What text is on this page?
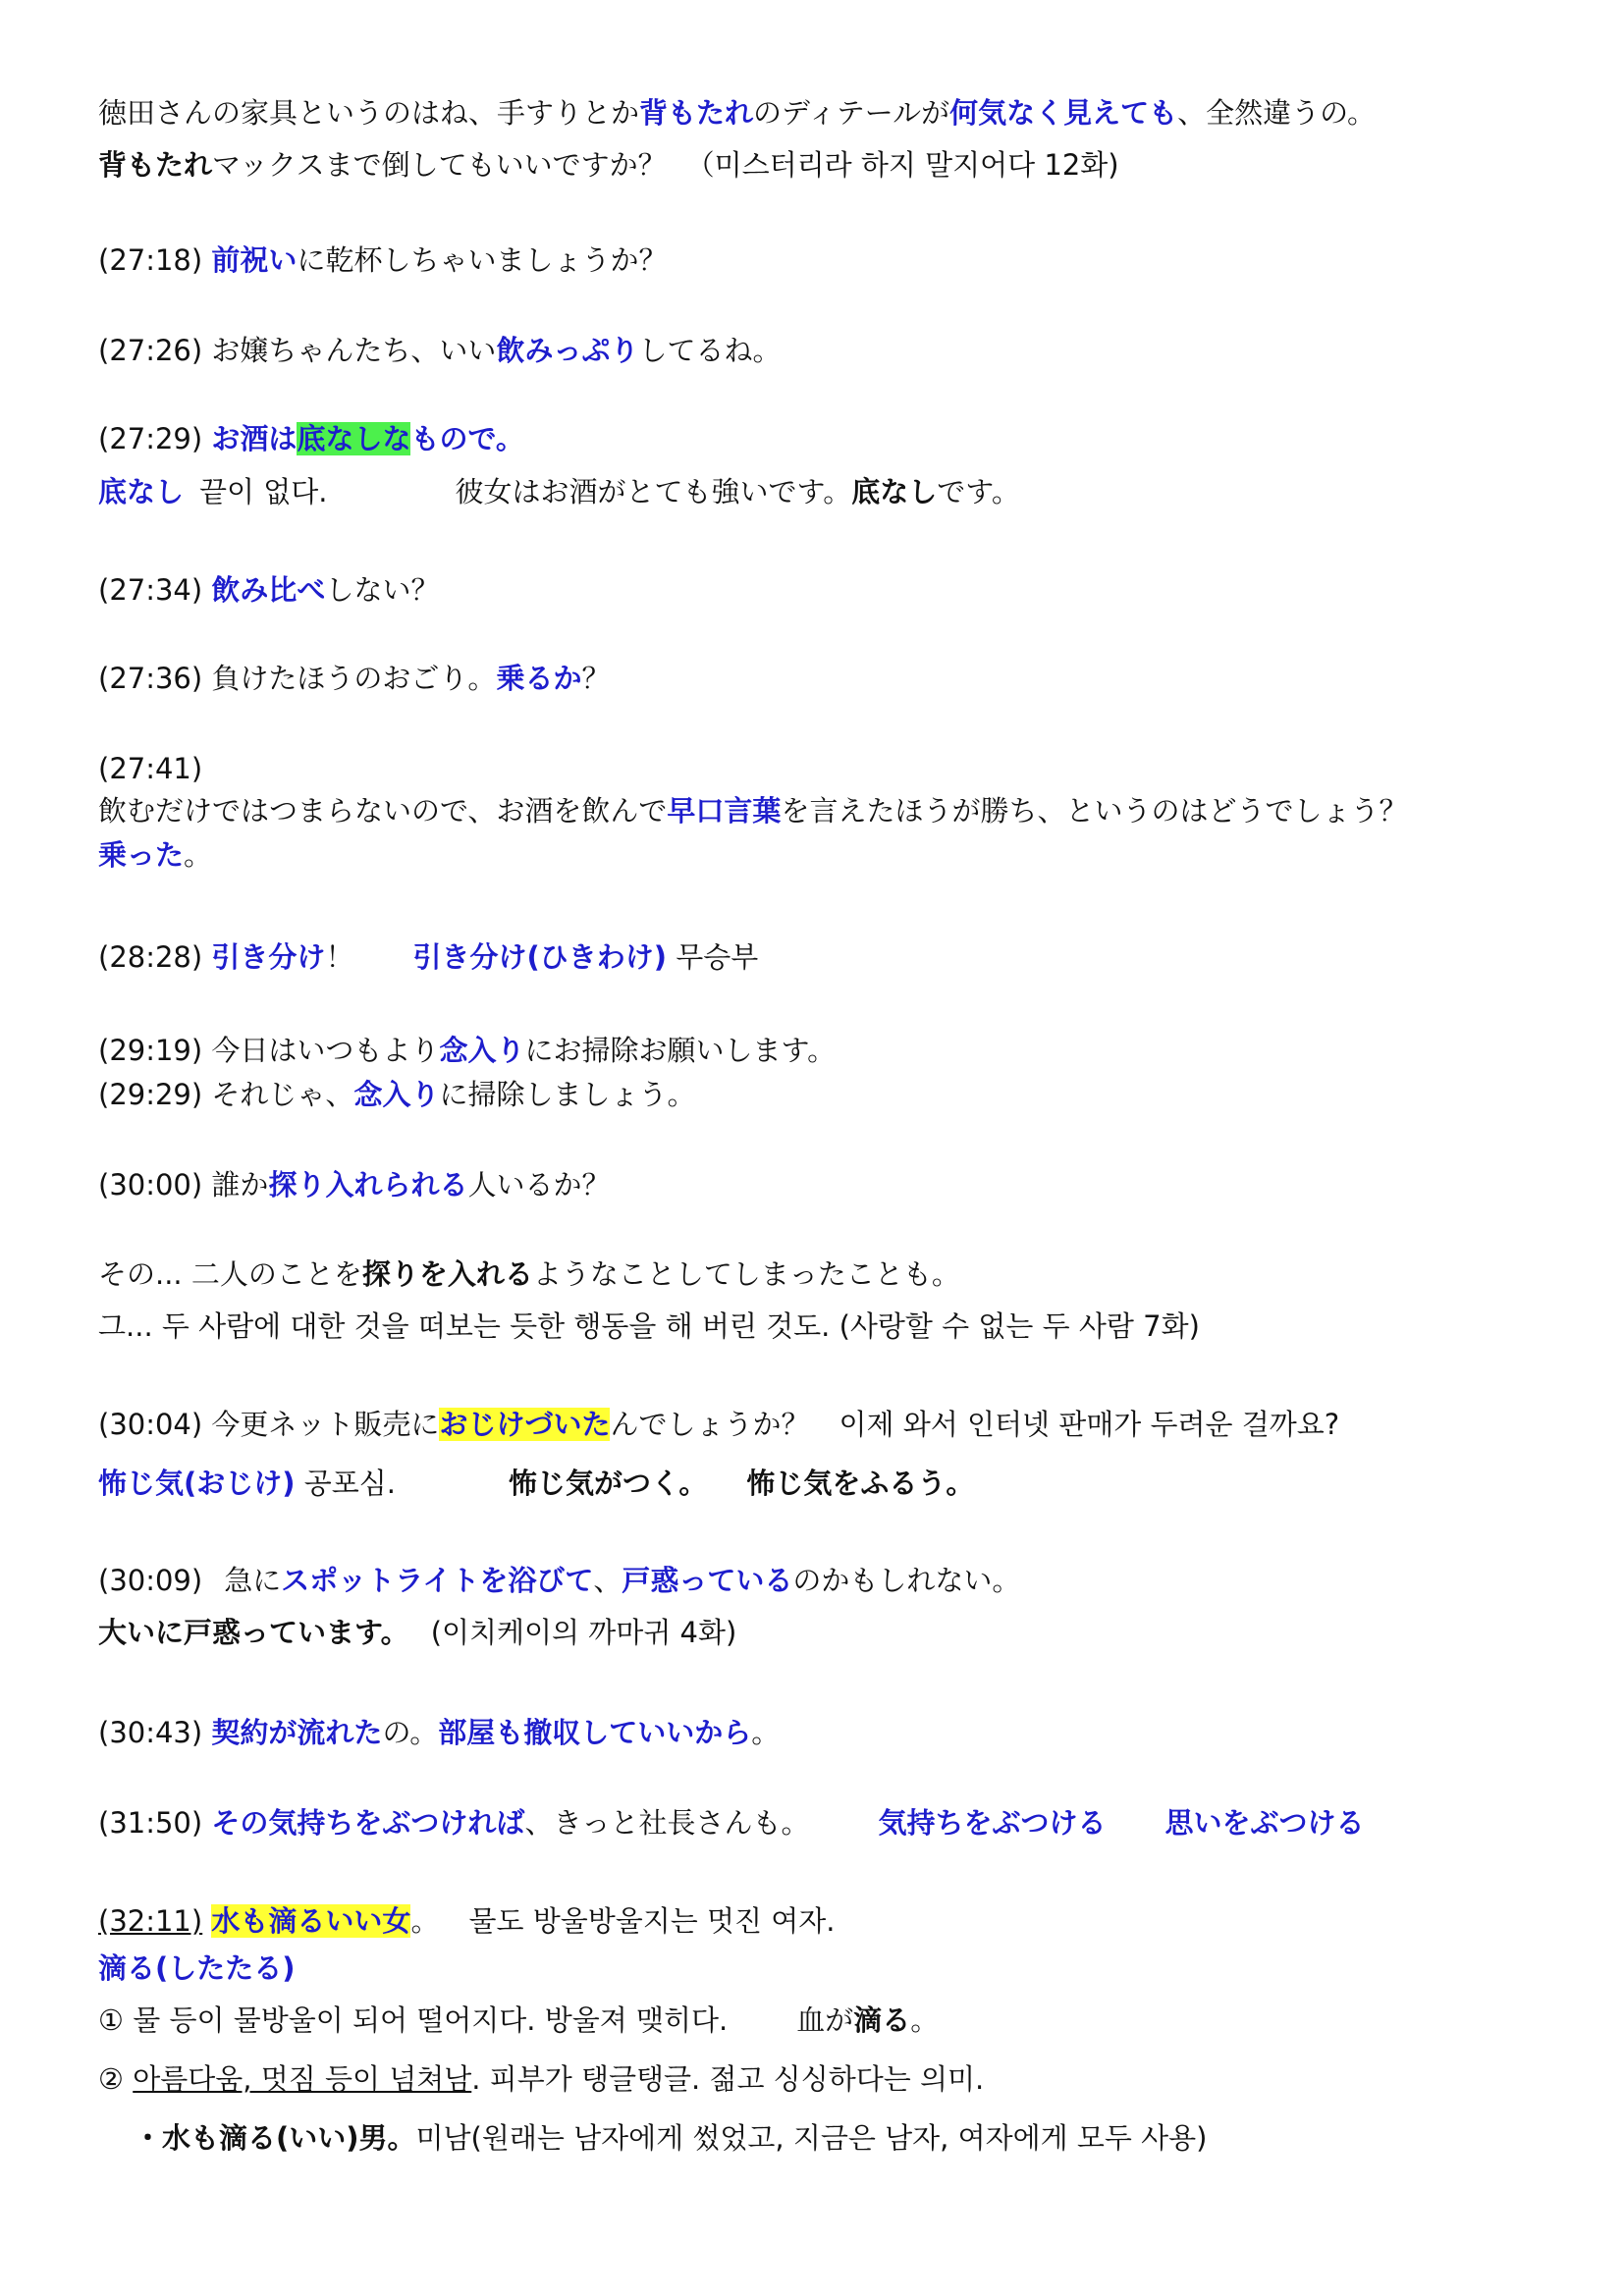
徳田さんの家具というのはね、手すりとか背もたれのディテールが何気なく見えても、全然違うの。
背もたれマックスまで倒してもいいですか？ （미스터리라 하지 말지어다 12화)
(27:18) 前祝いに乾杯しちゃいましょうか？
(27:26) お嬢ちゃんたち、いい飲みっぷりしてるね。
(27:29) お酒は底なしなもので。
底なし 끝이 없다.	彼女はお酒がとても強いです。底なしです。
(27:34) 飲み比べしない？
(27:36) 負けたほうのおごり。乗るか？
(27:41)
飲むだけではつまらないので、お酒を飲んで早口言葉を言えたほうが勝ち、というのはどうでしょう？
乗った。
(28:28) 引き分け！ 引き分け(ひきわけ) 무승부
(29:19) 今日はいつもより念入りにお掃除お願いします。
(29:29) それじゃ、念入りに掃除しましょう。
(30:00) 誰か探り入れられる人いるか？
その... 二人のことを探りを入れるようなことしてしまったことも。
그... 두 사람에 대한 것을 떠보는 듯한 행동을 해 버린 것도. (사랑할 수 없는 두 사람 7화)
(30:04) 今更ネット販売におじけづいたんでしょうか？ 이제 와서 인터넷 판매가 두려운 걸까요?
怖じ気(おじけ) 공포심.	怖じ気がつく。 怖じ気をふるう。
(30:09) 急にスポットライトを浴びて、戸惑っているのかもしれない。
大いに戸惑っています。 (이치케이의 까마귀 4화)
(30:43) 契約が流れたの。部屋も撤収していいから。
(31:50) その気持ちをぶつければ、きっと社長さんも。 気持ちをぶつける 思いをぶつける
(32:11) 水も滴るいい女。 물도 방울방울지는 멋진 여자.
滴る(したたる)
① 물 등이 물방울이 되어 떨어지다. 방울져 맺히다. 血が滴る。
② 아름다움, 멋짐 등이 넘쳐남. 피부가 탱글탱글. 젊고 싱싱하다는 의미.
・水も滴る(いい)男。미남(원래는 남자에게 썼었고, 지금은 남자, 여자에게 모두 사용)
